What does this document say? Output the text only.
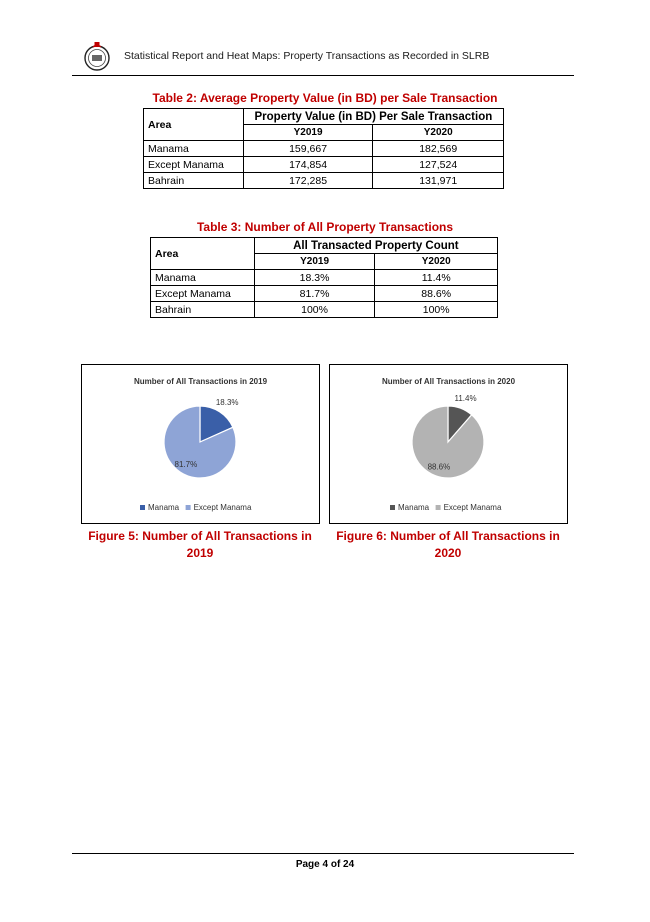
Statistical Report and Heat Maps: Property Transactions as Recorded in SLRB
Table 2: Average Property Value (in BD) per Sale Transaction
Area	Property Value (in BD) Per Sale Transaction	
	Y2019	Y2020
Manama	159,667	182,569
Except Manama	174,854	127,524
Bahrain	172,285	131,971
Table 3: Number of All Property Transactions
Area	All Transacted Property Count	
	Y2019	Y2020
Manama	18.3%	11.4%
Except Manama	81.7%	88.6%
Bahrain	100%	100%
Number of All Transactions in 2019
18.3%
81.7%
Manama Except Manama
Number of All Transactions in 2020
11.4%
88.6%
Manama Except Manama
Figure 5: Number of All Transactions in
2019
Figure 6: Number of All Transactions in
2020
Page 4 of 24
